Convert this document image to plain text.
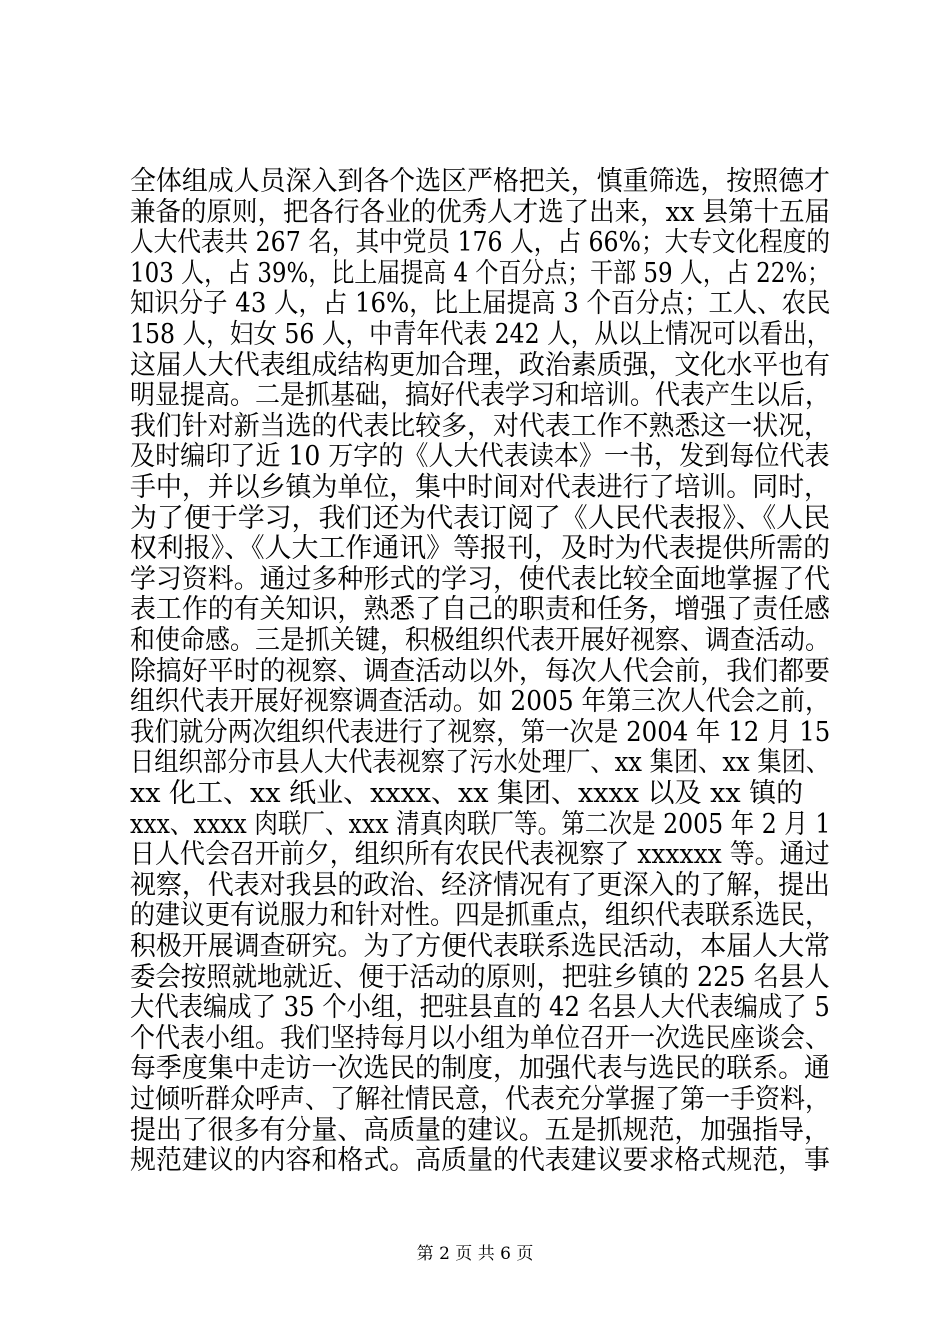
全体组成人员深入到各个选区严格把关，慎重筛选，按照德才
兼备的原则，把各行各业的优秀人才选了出来，xx 县第十五届
人大代表共 267 名，其中党员 176 人，占 66%；大专文化程度的
103 人，占 39%，比上届提高 4 个百分点；干部 59 人，占 22%；
知识分子 43 人，占 16%，比上届提高 3 个百分点；工人、农民
158 人，妇女 56 人，中青年代表 242 人，从以上情况可以看出，
这届人大代表组成结构更加合理，政治素质强，文化水平也有
明显提高。二是抓基础，搞好代表学习和培训。代表产生以后，
我们针对新当选的代表比较多，对代表工作不熟悉这一状况，
及时编印了近 10 万字的《人大代表读本》一书，发到每位代表
手中，并以乡镇为单位，集中时间对代表进行了培训。同时，
为了便于学习，我们还为代表订阅了《人民代表报》、《人民
权利报》、《人大工作通讯》等报刊，及时为代表提供所需的
学习资料。通过多种形式的学习，使代表比较全面地掌握了代
表工作的有关知识，熟悉了自己的职责和任务，增强了责任感
和使命感。三是抓关键，积极组织代表开展好视察、调查活动。
除搞好平时的视察、调查活动以外，每次人代会前，我们都要
组织代表开展好视察调查活动。如 2005 年第三次人代会之前，
我们就分两次组织代表进行了视察，第一次是 2004 年 12 月 15
日组织部分市县人大代表视察了污水处理厂、xx 集团、xx 集团、
xx 化工、xx 纸业、xxxx、xx 集团、xxxx 以及 xx 镇的
xxx、xxxx 肉联厂、xxx 清真肉联厂等。第二次是 2005 年 2 月 1
日人代会召开前夕，组织所有农民代表视察了 xxxxxx 等。通过
视察，代表对我县的政治、经济情况有了更深入的了解，提出
的建议更有说服力和针对性。四是抓重点，组织代表联系选民，
积极开展调查研究。为了方便代表联系选民活动，本届人大常
委会按照就地就近、便于活动的原则，把驻乡镇的 225 名县人
大代表编成了 35 个小组，把驻县直的 42 名县人大代表编成了 5
个代表小组。我们坚持每月以小组为单位召开一次选民座谈会、
每季度集中走访一次选民的制度，加强代表与选民的联系。通
过倾听群众呼声、了解社情民意，代表充分掌握了第一手资料，
提出了很多有分量、高质量的建议。五是抓规范，加强指导，
规范建议的内容和格式。高质量的代表建议要求格式规范，事
第 2 页 共 6 页
